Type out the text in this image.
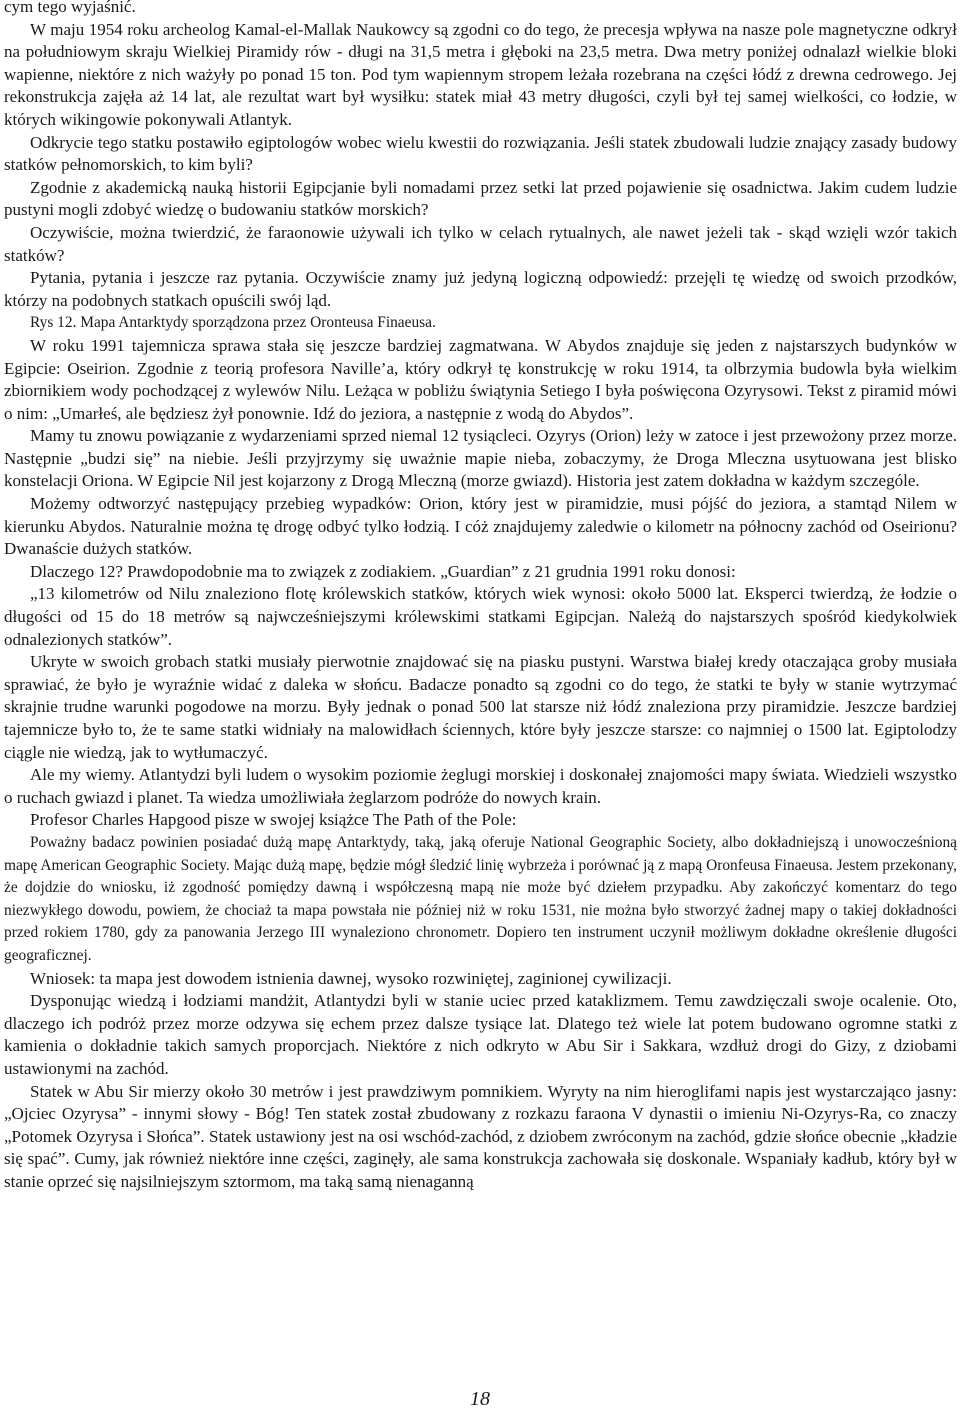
cym tego wyjaśnić.

W maju 1954 roku archeolog Kamal-el-Mallak Naukowcy są zgodni co do tego, że precesja wpływa na nasze pole magnetyczne odkrył na południowym skraju Wielkiej Piramidy rów - długi na 31,5 metra i głęboki na 23,5 metra. Dwa metry poniżej odnalazł wielkie bloki wapienne, niektóre z nich ważyły po ponad 15 ton. Pod tym wapiennym stropem leżała rozebrana na części łódź z drewna cedrowego. Jej rekonstrukcja zajęła aż 14 lat, ale rezultat wart był wysiłku: statek miał 43 metry długości, czyli był tej samej wielkości, co łodzie, w których wikingowie pokonywali Atlantyk.

Odkrycie tego statku postawiło egiptologów wobec wielu kwestii do rozwiązania. Jeśli statek zbudowali ludzie znający zasady budowy statków pełnomorskich, to kim byli?

Zgodnie z akademicką nauką historii Egipcjanie byli nomadami przez setki lat przed pojawienie się osadnictwa. Jakim cudem ludzie pustyni mogli zdobyć wiedzę o budowaniu statków morskich?

Oczywiście, można twierdzić, że faraonowie używali ich tylko w celach rytualnych, ale nawet jeżeli tak - skąd wzięli wzór takich statków?

Pytania, pytania i jeszcze raz pytania. Oczywiście znamy już jedyną logiczną odpowiedź: przejęli tę wiedzę od swoich przodków, którzy na podobnych statkach opuścili swój ląd.

Rys 12. Mapa Antarktydy sporządzona przez Oronteusa Finaeusa.

W roku 1991 tajemnicza sprawa stała się jeszcze bardziej zagmatwana. W Abydos znajduje się jeden z najstarszych budynków w Egipcie: Oseirion. Zgodnie z teorią profesora Naville’a, który odkrył tę konstrukcję w roku 1914, ta olbrzymia budowla była wielkim zbiornikiem wody pochodzącej z wylewów Nilu. Leżąca w pobliżu świątynia Setiego I była poświęcona Ozyrysowi. Tekst z piramid mówi o nim: „Umarłeś, ale będziesz żył ponownie. Idź do jeziora, a następnie z wodą do Abydos”.

Mamy tu znowu powiązanie z wydarzeniami sprzed niemal 12 tysiącleci. Ozyrys (Orion) leży w zatoce i jest przewożony przez morze. Następnie „budzi się” na niebie. Jeśli przyjrzymy się uważnie mapie nieba, zobaczymy, że Droga Mleczna usytuowana jest blisko konstelacji Oriona. W Egipcie Nil jest kojarzony z Drogą Mleczną (morze gwiazd). Historia jest zatem dokładna w każdym szczególe.

Możemy odtworzyć następujący przebieg wypadków: Orion, który jest w piramidzie, musi pójść do jeziora, a stamtąd Nilem w kierunku Abydos. Naturalnie można tę drogę odbyć tylko łodzią. I cóż znajdujemy zaledwie o kilometr na północny zachód od Oseirionu? Dwanaście dużych statków.

Dlaczego 12? Prawdopodobnie ma to związek z zodiakiem. „Guardian” z 21 grudnia 1991 roku donosi:

„13 kilometrów od Nilu znaleziono flotę królewskich statków, których wiek wynosi: około 5000 lat. Eksperci twierdzą, że łodzie o długości od 15 do 18 metrów są najwcześniejszymi królewskimi statkami Egipcjan. Należą do najstarszych spośród kiedykolwiek odnalezionych statków”.

Ukryte w swoich grobach statki musiały pierwotnie znajdować się na piasku pustyni. Warstwa białej kredy otaczająca groby musiała sprawiać, że było je wyraźnie widać z daleka w słońcu. Badacze ponadto są zgodni co do tego, że statki te były w stanie wytrzymać skrajnie trudne warunki pogodowe na morzu. Były jednak o ponad 500 lat starsze niż łódź znaleziona przy piramidzie. Jeszcze bardziej tajemnicze było to, że te same statki widniały na malowidłach ściennych, które były jeszcze starsze: co najmniej o 1500 lat. Egiptolodzy ciągle nie wiedzą, jak to wytłumaczyć.

Ale my wiemy. Atlantydzi byli ludem o wysokim poziomie żeglugi morskiej i doskonałej znajomości mapy świata. Wiedzieli wszystko o ruchach gwiazd i planet. Ta wiedza umożliwiała żeglarzom podróże do nowych krain.

Profesor Charles Hapgood pisze w swojej książce The Path of the Pole:

Poważny badacz powinien posiadać dużą mapę Antarktydy, taką, jaką oferuje National Geographic Society, albo dokładniejszą i unowocześnioną mapę American Geographic Society. Mając dużą mapę, będzie mógł śledzić linię wybrzeża i porównać ją z mapą Oronfeusa Finaeusa. Jestem przekonany, że dojdzie do wniosku, iż zgodność pomiędzy dawną i współczesną mapą nie może być dziełem przypadku. Aby zakończyć komentarz do tego niezwykłego dowodu, powiem, że chociaż ta mapa powstała nie później niż w roku 1531, nie można było stworzyć żadnej mapy o takiej dokładności przed rokiem 1780, gdy za panowania Jerzego III wynaleziono chronometr. Dopiero ten instrument uczynił możliwym dokładne określenie długości geograficznej.

Wniosek: ta mapa jest dowodem istnienia dawnej, wysoko rozwiniętej, zaginionej cywilizacji.

Dysponując wiedzą i łodziami mandżit, Atlantydzi byli w stanie uciec przed kataklizmem. Temu zawdzięczali swoje ocalenie. Oto, dlaczego ich podróż przez morze odzywa się echem przez dalsze tysiące lat. Dlatego też wiele lat potem budowano ogromne statki z kamienia o dokładnie takich samych proporcjach. Niektóre z nich odkryto w Abu Sir i Sakkara, wzdłuż drogi do Gizy, z dziobami ustawionymi na zachód.

Statek w Abu Sir mierzy około 30 metrów i jest prawdziwym pomnikiem. Wyryty na nim hieroglifami napis jest wystarczająco jasny: „Ojciec Ozyrysa” - innymi słowy - Bóg! Ten statek został zbudowany z rozkazu faraona V dynastii o imieniu Ni-Ozyrys-Ra, co znaczy „Potomek Ozyrysa i Słońca”. Statek ustawiony jest na osi wschód-zachód, z dziobem zwróconym na zachód, gdzie słońce obecnie „kładzie się spać”. Cumy, jak również niektóre inne części, zaginęły, ale sama konstrukcja zachowała się doskonale. Wspaniały kadłub, który był w stanie oprzeć się najsilniejszym sztormom, ma taką samą nienaganną

18
